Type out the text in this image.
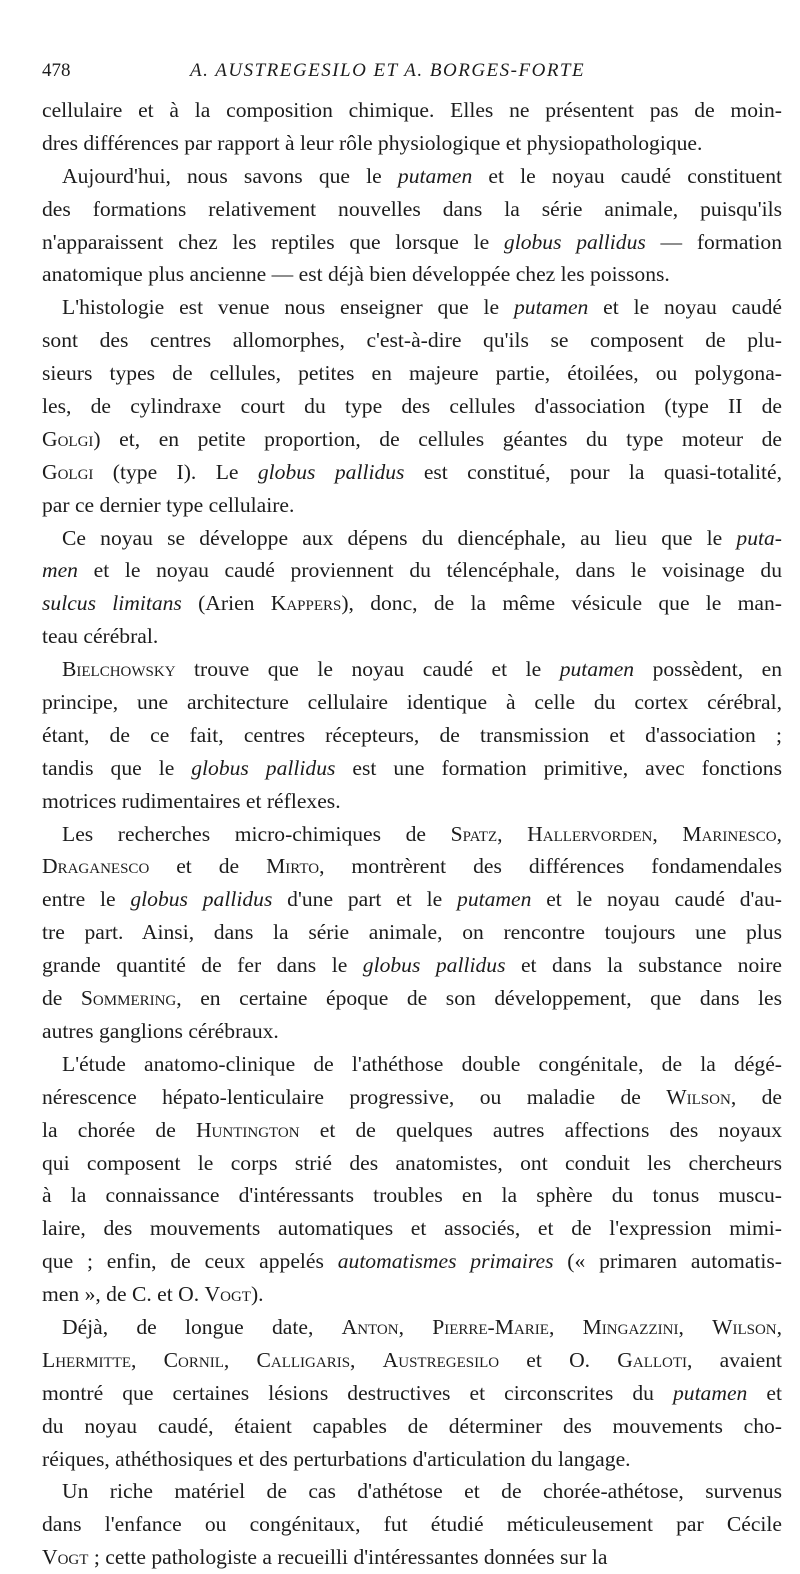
478	A. AUSTREGESILO ET A. BORGES-FORTE
cellulaire et à la composition chimique. Elles ne présentent pas de moin-
dres différences par rapport à leur rôle physiologique et physiopathologique.
Aujourd'hui, nous savons que le putamen et le noyau caudé constituent
des formations relativement nouvelles dans la série animale, puisqu'ils
n'apparaissent chez les reptiles que lorsque le globus pallidus — formation
anatomique plus ancienne — est déjà bien développée chez les poissons.
L'histologie est venue nous enseigner que le putamen et le noyau caudé
sont des centres allomorphes, c'est-à-dire qu'ils se composent de plu-
sieurs types de cellules, petites en majeure partie, étoilées, ou polygona-
les, de cylindraxe court du type des cellules d'association (type II de
Golgi) et, en petite proportion, de cellules géantes du type moteur de
Golgi (type I). Le globus pallidus est constitué, pour la quasi-totalité,
par ce dernier type cellulaire.
Ce noyau se développe aux dépens du diencéphale, au lieu que le puta-
men et le noyau caudé proviennent du télencéphale, dans le voisinage du
sulcus limitans (Arien Kappers), donc, de la même vésicule que le man-
teau cérébral.
Bielchowsky trouve que le noyau caudé et le putamen possèdent, en
principe, une architecture cellulaire identique à celle du cortex cérébral,
étant, de ce fait, centres récepteurs, de transmission et d'association ;
tandis que le globus pallidus est une formation primitive, avec fonctions
motrices rudimentaires et réflexes.
Les recherches micro-chimiques de Spatz, Hallervorden, Marinesco,
Draganesco et de Mirto, montrèrent des différences fondamendales
entre le globus pallidus d'une part et le putamen et le noyau caudé d'au-
tre part. Ainsi, dans la série animale, on rencontre toujours une plus
grande quantité de fer dans le globus pallidus et dans la substance noire
de Sommering, en certaine époque de son développement, que dans les
autres ganglions cérébraux.
L'étude anatomo-clinique de l'athéthose double congénitale, de la dégé-
nérescence hépato-lenticulaire progressive, ou maladie de Wilson, de
la chorée de Huntington et de quelques autres affections des noyaux
qui composent le corps strié des anatomistes, ont conduit les chercheurs
à la connaissance d'intéressants troubles en la sphère du tonus muscu-
laire, des mouvements automatiques et associés, et de l'expression mimi-
que ; enfin, de ceux appelés automatismes primaires (« primaren automatis-
men », de C. et O. Vogt).
Déjà, de longue date, Anton, Pierre-Marie, Mingazzini, Wilson,
Lhermitte, Cornil, Calligaris, Austregesilo et O. Galloti, avaient
montré que certaines lésions destructives et circonscrites du putamen et
du noyau caudé, étaient capables de déterminer des mouvements cho-
réiques, athéthosiques et des perturbations d'articulation du langage.
Un riche matériel de cas d'athétose et de chorée-athétose, survenus
dans l'enfance ou congénitaux, fut étudié méticuleusement par Cécile
Vogt ; cette pathologiste a recueilli d'intéressantes données sur la
